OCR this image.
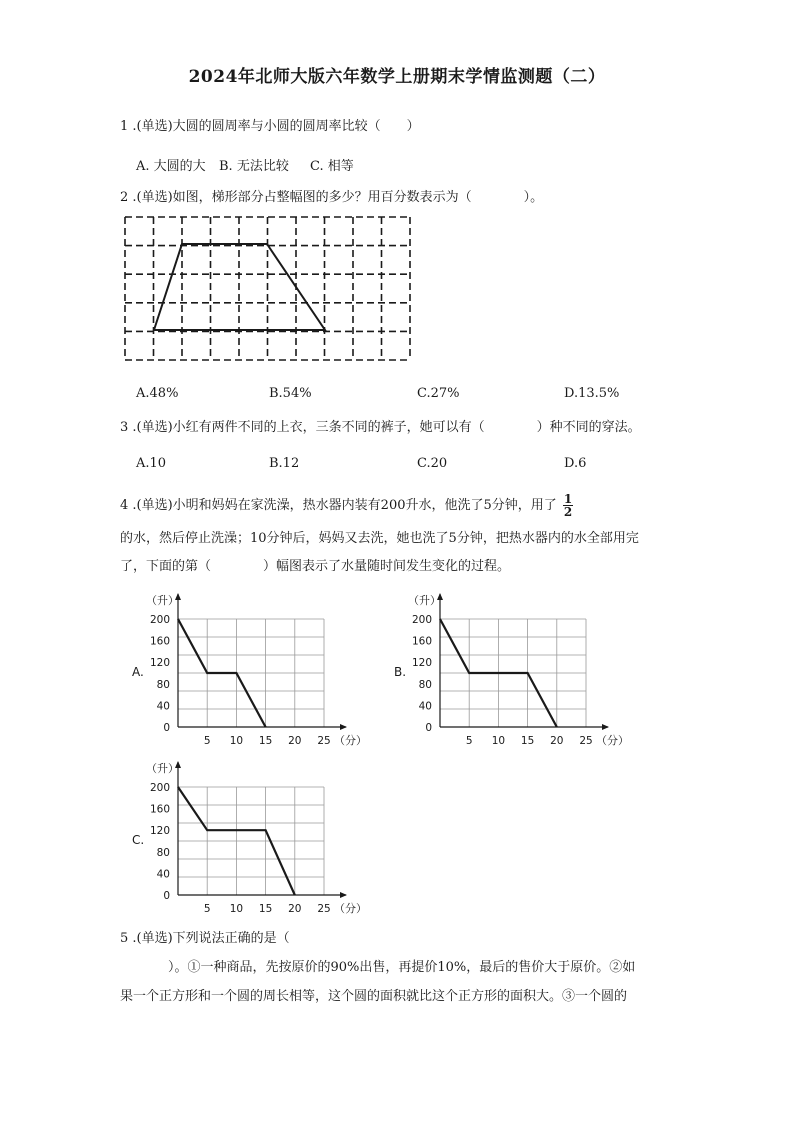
2024年北师大版六年数学上册期末学情监测题（二）
1 .(单选)大圆的圆周率与小圆的圆周率比较（　　）
A. 大圆的大 B. 无法比较 C. 相等
2 .(单选)如图，梯形部分占整幅图的多少？用百分数表示为（　　　　）。
A.48%	B.54%	C.27%	D.13.5%
3 .(单选)小红有两件不同的上衣，三条不同的裤子，她可以有（　　　　）种不同的穿法。
A.10	B.12	C.20	D.6
4 .(单选)小明和妈妈在家洗澡，热水器内装有200升水，他洗了5分钟，用了 $\frac{1}{2}$
的水，然后停止洗澡；10分钟后，妈妈又去洗，她也洗了5分钟，把热水器内的水全部用完
了，下面的第（　　　　）幅图表示了水量随时间发生变化的过程。
A.
（升）
200
160
120
80
40
0
5 10 15 20 25 （分）
B.
（升）
200
160
120
80
40
0
5 10 15 20 25 （分）
C.
（升）
200
160
120
80
40
0
5 10 15 20 25 （分）
5 .(单选)下列说法正确的是（
）。①一种商品，先按原价的90%出售，再提价10%，最后的售价大于原价。②如
果一个正方形和一个圆的周长相等，这个圆的面积就比这个正方形的面积大。③一个圆的
